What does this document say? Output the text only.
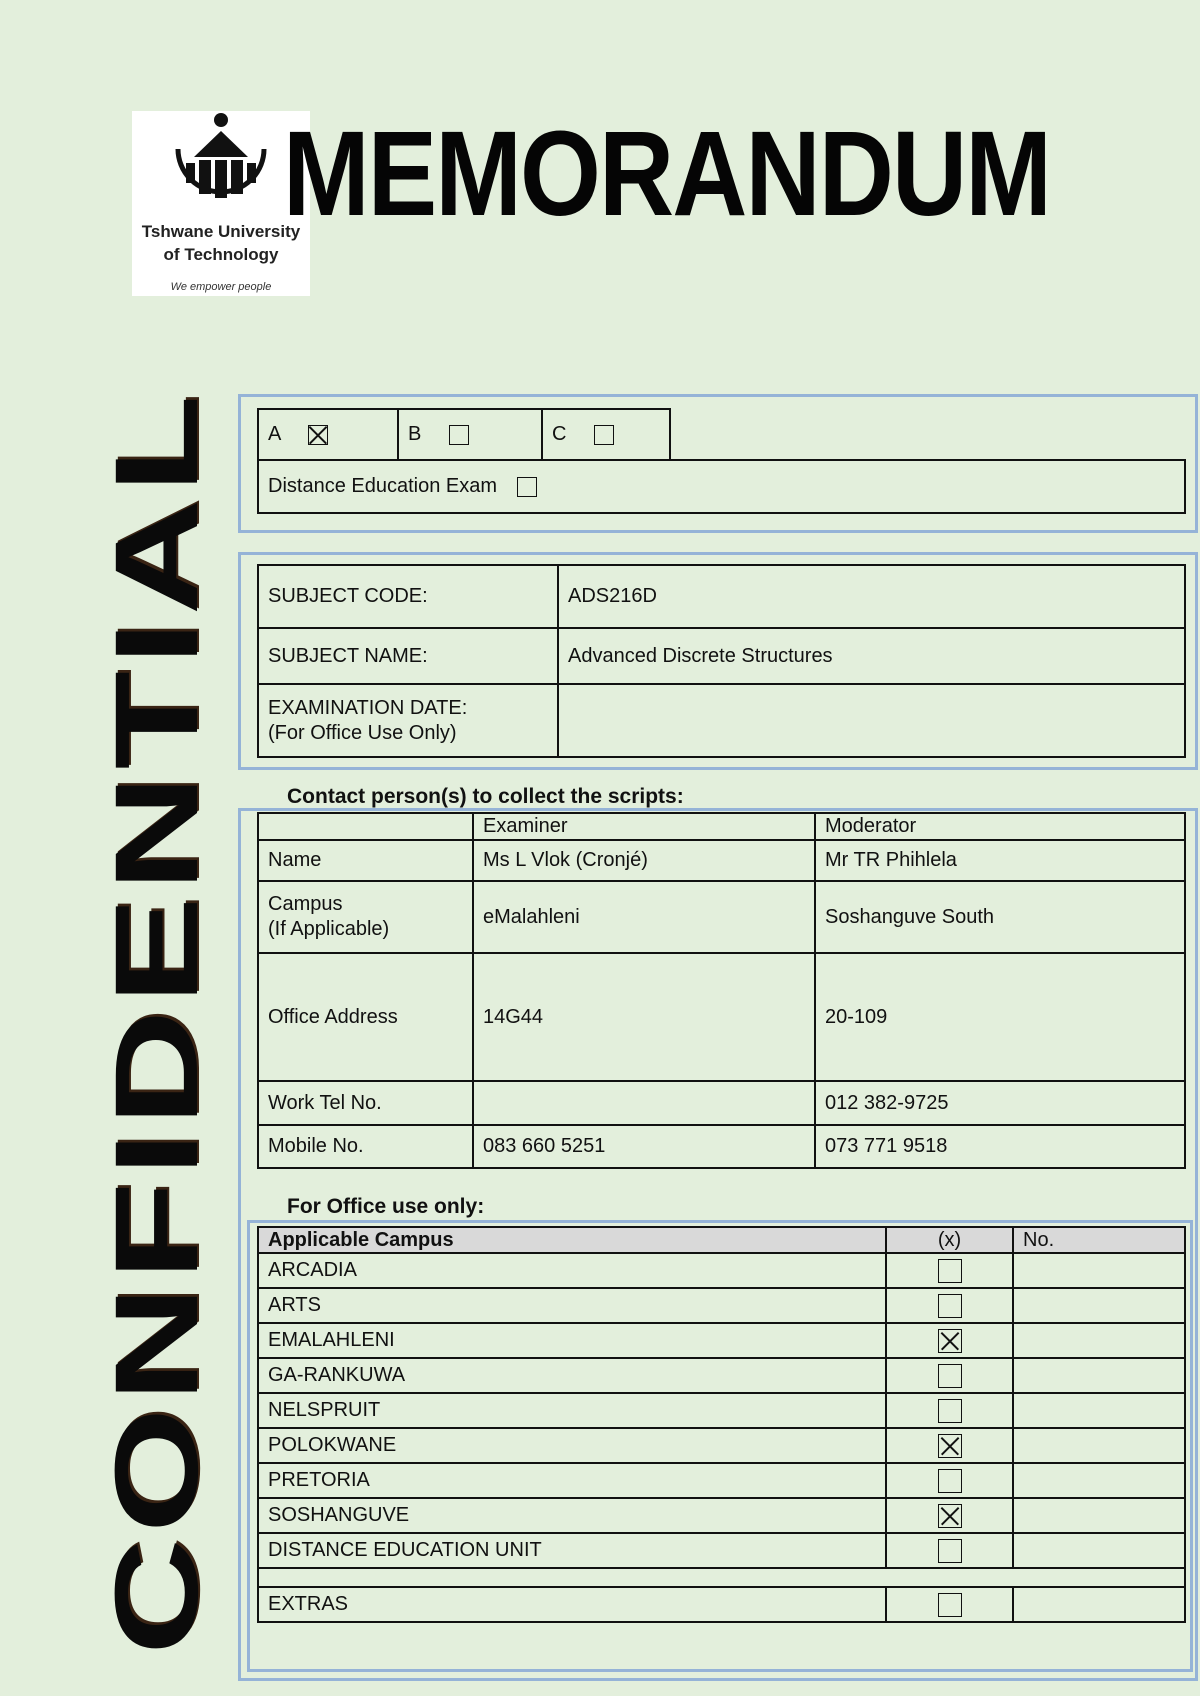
Tshwane University
of Technology
We empower people
MEMORANDUM
CONFIDENTIAL A	B	C	
Distance Education Exam
SUBJECT CODE:	ADS216D
SUBJECT NAME:	Advanced Discrete Structures

EXAMINATION DATE:
(For Office Use Only)	

Contact person(s) to collect the scripts:
	Examiner	Moderator
Name	Ms L Vlok (Cronjé)	Mr TR Phihlela

Campus
(If Applicable)	eMalahleni	Soshanguve South
Office Address	14G44	20-109
Work Tel No.		012 382-9725
Mobile No.	083 660 5251	073 771 9518
For Office use only:
Applicable Campus	(x)	No.
ARCADIA		
ARTS		
EMALAHLENI		
GA-RANKUWA		
NELSPRUIT		
POLOKWANE		
PRETORIA		
SOSHANGUVE		
DISTANCE EDUCATION UNIT		

EXTRAS		
